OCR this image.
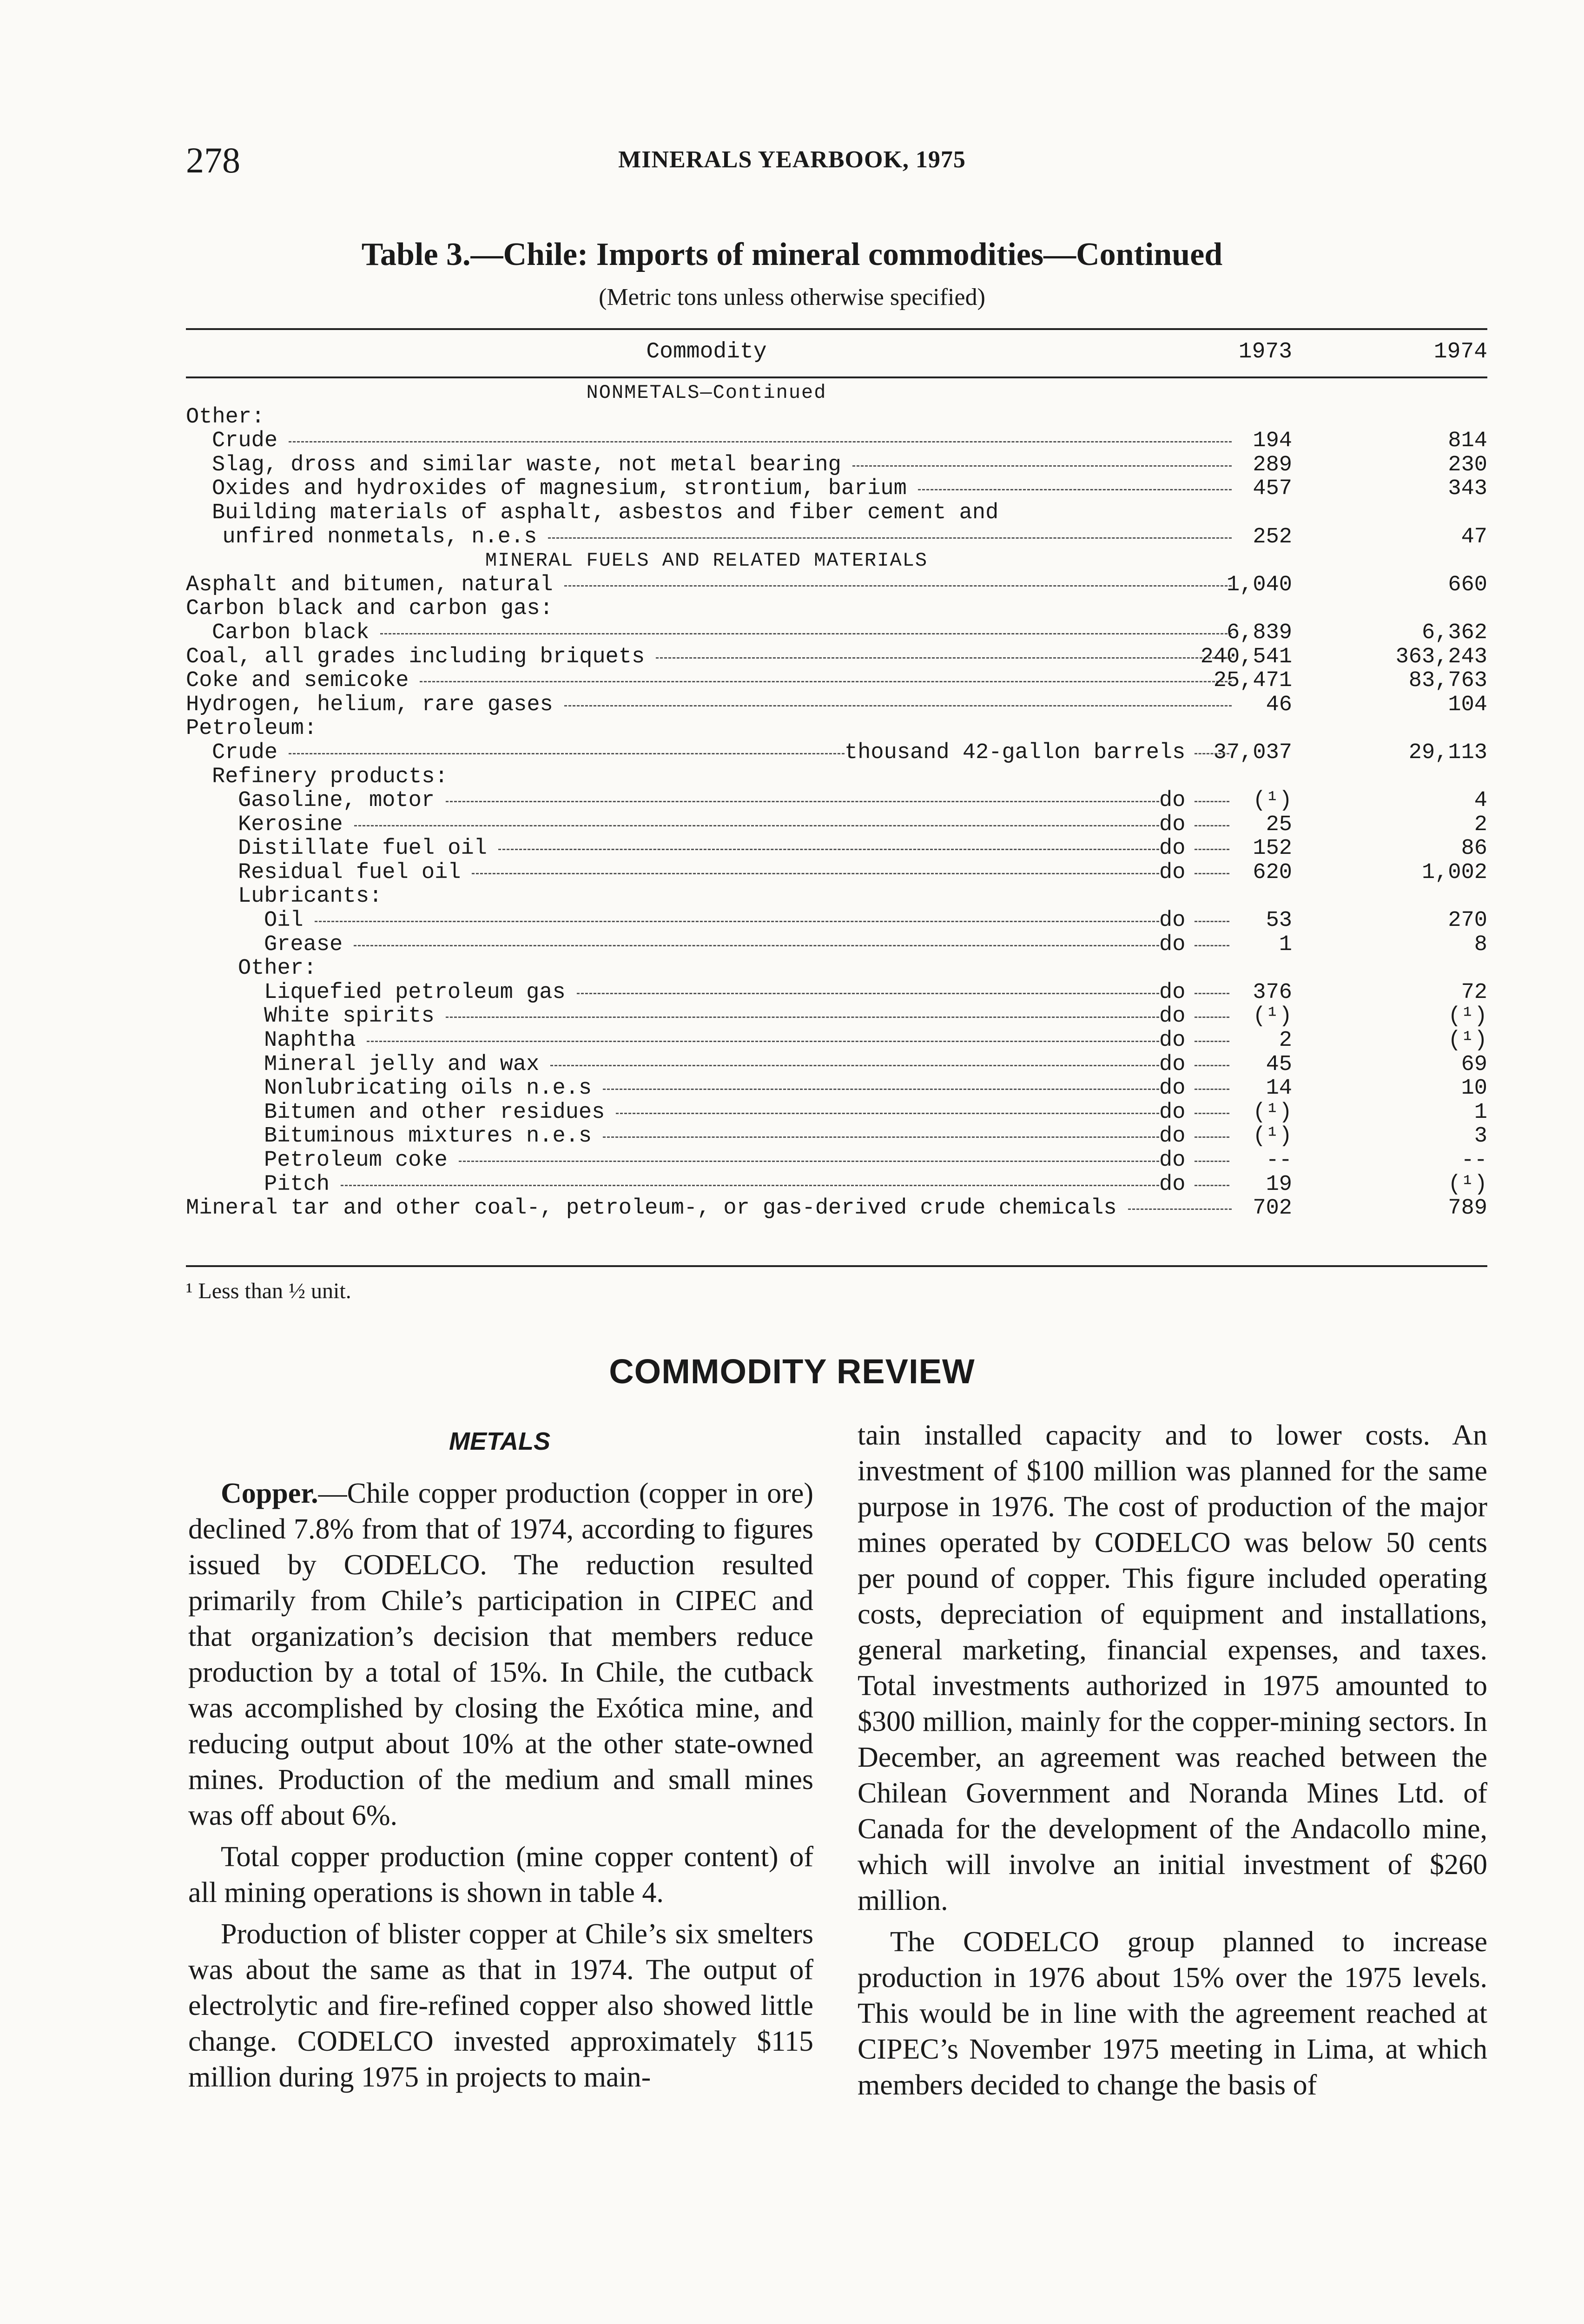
278	MINERALS YEARBOOK, 1975
Table 3.—Chile: Imports of mineral commodities—Continued
(Metric tons unless otherwise specified)
Commodity	1973	1974
NONMETALS—Continued
Other:
Crude	194	814
Slag, dross and similar waste, not metal bearing	289	230
Oxides and hydroxides of magnesium, strontium, barium	457	343
Building materials of asphalt, asbestos and fiber cement and
unfired nonmetals, n.e.s	252	47
MINERAL FUELS AND RELATED MATERIALS
Asphalt and bitumen, natural	1,040	660
Carbon black and carbon gas:
Carbon black	6,839	6,362
Coal, all grades including briquets	240,541	363,243
Coke and semicoke	25,471	83,763
Hydrogen, helium, rare gases	46	104
Petroleum:
Crude	thousand 42-gallon barrels	37,037	29,113
Refinery products:
Gasoline, motor	do	(¹)	4
Kerosine	do	25	2
Distillate fuel oil	do	152	86
Residual fuel oil	do	620	1,002
Lubricants:
Oil	do	53	270
Grease	do	1	8
Other:
Liquefied petroleum gas	do	376	72
White spirits	do	(¹)	(¹)
Naphtha	do	2	(¹)
Mineral jelly and wax	do	45	69
Nonlubricating oils n.e.s	do	14	10
Bitumen and other residues	do	(¹)	1
Bituminous mixtures n.e.s	do	(¹)	3
Petroleum coke	do	--	--
Pitch	do	19	(¹)
Mineral tar and other coal-, petroleum-, or gas-derived crude chemicals	702	789
¹ Less than ½ unit.
COMMODITY REVIEW
METALS

Copper.—Chile copper production (copper in ore) declined 7.8% from that of 1974, according to figures issued by CODELCO. The reduction resulted primarily from Chile’s participation in CIPEC and that organization’s decision that members reduce production by a total of 15%. In Chile, the cutback was accomplished by closing the Exótica mine, and reducing output about 10% at the other state-owned mines. Production of the medium and small mines was off about 6%.

Total copper production (mine copper content) of all mining operations is shown in table 4.

Production of blister copper at Chile’s six smelters was about the same as that in 1974. The output of electrolytic and fire-refined copper also showed little change. CODELCO invested approximately $115 million during 1975 in projects to main-

tain installed capacity and to lower costs. An investment of $100 million was planned for the same purpose in 1976. The cost of production of the major mines operated by CODELCO was below 50 cents per pound of copper. This figure included operating costs, depreciation of equipment and installations, general marketing, financial expenses, and taxes. Total investments authorized in 1975 amounted to $300 million, mainly for the copper-mining sectors. In December, an agreement was reached between the Chilean Government and Noranda Mines Ltd. of Canada for the development of the Andacollo mine, which will involve an initial investment of $260 million.

The CODELCO group planned to increase production in 1976 about 15% over the 1975 levels. This would be in line with the agreement reached at CIPEC’s November 1975 meeting in Lima, at which members decided to change the basis of
